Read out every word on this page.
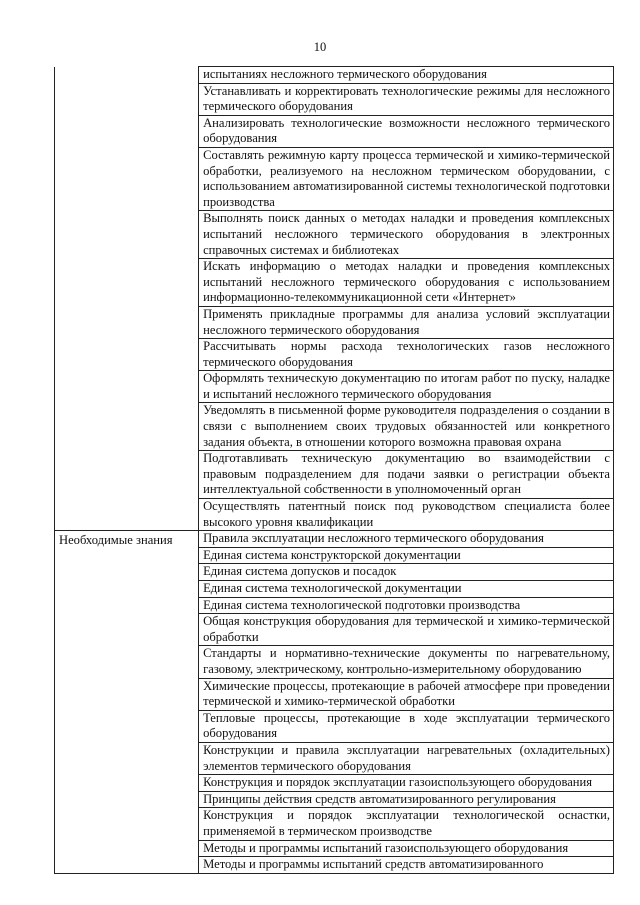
10
	испытаниях несложного термического оборудования
	Устанавливать и корректировать технологические режимы для несложного термического оборудования
	Анализировать технологические возможности несложного термического оборудования
	Составлять режимную карту процесса термической и химико-термической обработки, реализуемого на несложном термическом оборудовании, с использованием автоматизированной системы технологической подготовки производства
	Выполнять поиск данных о методах наладки и проведения комплексных испытаний несложного термического оборудования в электронных справочных системах и библиотеках
	Искать информацию о методах наладки и проведения комплексных испытаний несложного термического оборудования с использованием информационно-телекоммуникационной сети «Интернет»
	Применять прикладные программы для анализа условий эксплуатации несложного термического оборудования
	Рассчитывать нормы расхода технологических газов несложного термического оборудования
	Оформлять техническую документацию по итогам работ по пуску, наладке и испытаний несложного термического оборудования
	Уведомлять в письменной форме руководителя подразделения о создании в связи с выполнением своих трудовых обязанностей или конкретного задания объекта, в отношении которого возможна правовая охрана
	Подготавливать техническую документацию во взаимодействии с правовым подразделением для подачи заявки о регистрации объекта интеллектуальной собственности в уполномоченный орган
	Осуществлять патентный поиск под руководством специалиста более высокого уровня квалификации
Необходимые знания	Правила эксплуатации несложного термического оборудования
	Единая система конструкторской документации
	Единая система допусков и посадок
	Единая система технологической документации
	Единая система технологической подготовки производства
	Общая конструкция оборудования для термической и химико-термической обработки
	Стандарты и нормативно-технические документы по нагревательному, газовому, электрическому, контрольно-измерительному оборудованию
	Химические процессы, протекающие в рабочей атмосфере при проведении термической и химико-термической обработки
	Тепловые процессы, протекающие в ходе эксплуатации термического оборудования
	Конструкции и правила эксплуатации нагревательных (охладительных) элементов термического оборудования
	Конструкция и порядок эксплуатации газоиспользующего оборудования
	Принципы действия средств автоматизированного регулирования
	Конструкция и порядок эксплуатации технологической оснастки, применяемой в термическом производстве
	Методы и программы испытаний газоиспользующего оборудования
	Методы и программы испытаний средств автоматизированного
